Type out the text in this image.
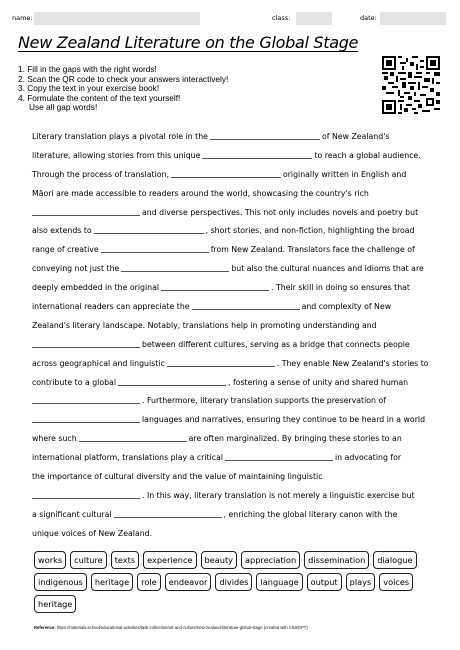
name:	class:	date:
New Zealand Literature on the Global Stage
1. Fill in the gaps with the right words!
2. Scan the QR code to check your answers interactively!
3. Copy the text in your exercise book!
4. Formulate the content of the text yourself!
Use all gap words!
Literary translation plays a pivotal role in the	of New Zealand's
literature, allowing stories from this unique	to reach a global audience.
Through the process of translation,	originally written in English and
Māori are made accessible to readers around the world, showcasing the country's rich
and diverse perspectives. This not only includes novels and poetry but
also extends to	, short stories, and non-fiction, highlighting the broad
range of creative	from New Zealand. Translators face the challenge of
conveying not just the	but also the cultural nuances and idioms that are
deeply embedded in the original	. Their skill in doing so ensures that
international readers can appreciate the	and complexity of New
Zealand's literary landscape. Notably, translations help in promoting understanding and
between different cultures, serving as a bridge that connects people
across geographical and linguistic	. They enable New Zealand's stories to
contribute to a global	, fostering a sense of unity and shared human
. Furthermore, literary translation supports the preservation of
languages and narratives, ensuring they continue to be heard in a world
where such	are often marginalized. By bringing these stories to an
international platform, translations play a critical	in advocating for
the importance of cultural diversity and the value of maintaining linguistic
. In this way, literary translation is not merely a linguistic exercise but
a significant cultural	, enriching the global literary canon with the
unique voices of New Zealand.
works	culture	texts	experience	beauty	appreciation	dissemination	dialogue
indigenous	heritage	role	endeavor	divides	language	output	plays	voices
heritage
Reference: https://materials.school/educational-activities/task-collection/art-and-culture/new-zealand-literature-global-stage (created with ChatGPT)
